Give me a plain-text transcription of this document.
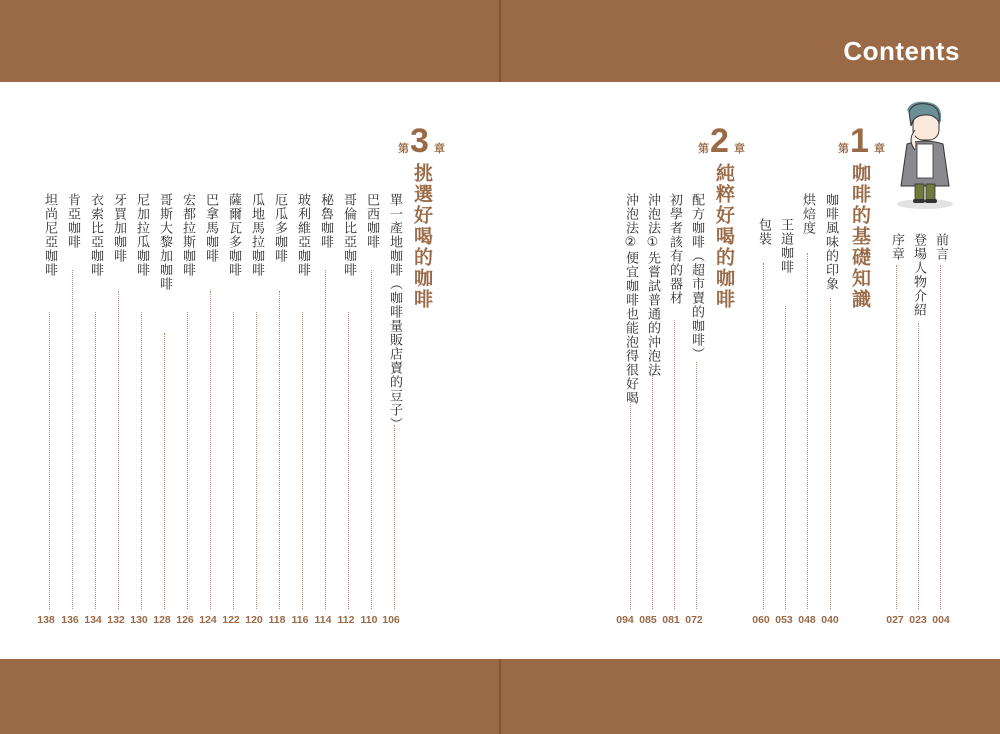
Contents
第 1 章
咖啡的基礎知識	前言
004
登場人物介紹
023
序章
027
咖啡風味的印象
040
烘焙度
048
王道咖啡
053
包裝
060
第 2 章
純粹好喝的咖啡
配方咖啡（超市賣的咖啡）
072
初學者該有的器材
081
沖泡法①先嘗試普通的沖泡法
085
沖泡法②便宜咖啡也能泡得很好喝
094
第 3 章
挑選好喝的咖啡
單一產地咖啡（咖啡量販店賣的豆子）
106
巴西咖啡
110
哥倫比亞咖啡
112
秘魯咖啡
114
玻利維亞咖啡
116
厄瓜多咖啡
118
瓜地馬拉咖啡
120
薩爾瓦多咖啡
122
巴拿馬咖啡
124
宏都拉斯咖啡
126
哥斯大黎加咖啡
128
尼加拉瓜咖啡
130
牙買加咖啡
132
衣索比亞咖啡
134
肯亞咖啡
136
坦尚尼亞咖啡
138
